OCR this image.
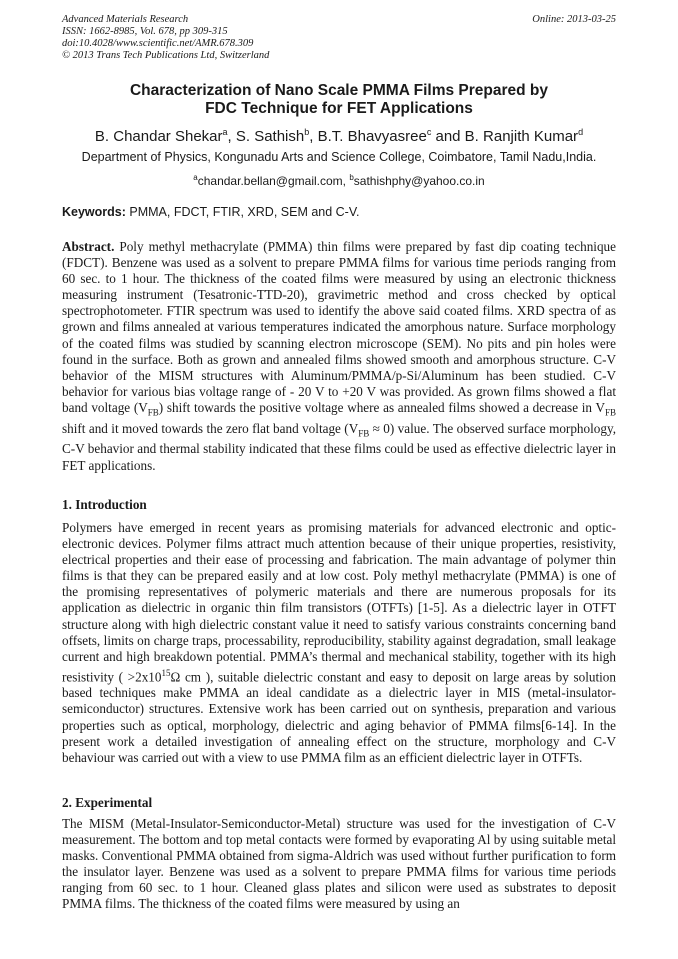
Advanced Materials Research
ISSN: 1662-8985, Vol. 678, pp 309-315
doi:10.4028/www.scientific.net/AMR.678.309
© 2013 Trans Tech Publications Ltd, Switzerland
Online: 2013-03-25
Characterization of Nano Scale PMMA Films Prepared by
FDC Technique for FET Applications
B. Chandar Shekar$^a$, S. Sathish$^b$, B.T. Bhavyasree$^c$ and B. Ranjith Kumar$^d$
Department of Physics, Kongunadu Arts and Science College, Coimbatore, Tamil Nadu,India.
$^a$chandar.bellan@gmail.com, $^b$sathishphy@yahoo.co.in
Keywords: PMMA, FDCT, FTIR, XRD, SEM and C-V.
Abstract. Poly methyl methacrylate (PMMA) thin films were prepared by fast dip coating technique (FDCT). Benzene was used as a solvent to prepare PMMA films for various time periods ranging from 60 sec. to 1 hour. The thickness of the coated films were measured by using an electronic thickness measuring instrument (Tesatronic-TTD-20), gravimetric method and cross checked by optical spectrophotometer. FTIR spectrum was used to identify the above said coated films. XRD spectra of as grown and films annealed at various temperatures indicated the amorphous nature. Surface morphology of the coated films was studied by scanning electron microscope (SEM). No pits and pin holes were found in the surface. Both as grown and annealed films showed smooth and amorphous structure. C-V behavior of the MISM structures with Aluminum/PMMA/p-Si/Aluminum has been studied. C-V behavior for various bias voltage range of - 20 V to +20 V was provided. As grown films showed a flat band voltage $(V_{FB})$ shift towards the positive voltage where as annealed films showed a decrease in $V_{FB}$ shift and it moved towards the zero flat band voltage $(V_{FB} \approx 0)$ value. The observed surface morphology, C-V behavior and thermal stability indicated that these films could be used as effective dielectric layer in FET applications.
1. Introduction
Polymers have emerged in recent years as promising materials for advanced electronic and optic-electronic devices. Polymer films attract much attention because of their unique properties, resistivity, electrical properties and their ease of processing and fabrication. The main advantage of polymer thin films is that they can be prepared easily and at low cost. Poly methyl methacrylate (PMMA) is one of the promising representatives of polymeric materials and there are numerous proposals for its application as dielectric in organic thin film transistors (OTFTs) [1-5]. As a dielectric layer in OTFT structure along with high dielectric constant value it need to satisfy various constraints concerning band offsets, limits on charge traps, processability, reproducibility, stability against degradation, small leakage current and high breakdown potential. PMMA’s thermal and mechanical stability, together with its high resistivity ( $>2x10^{15}\Omega$ cm ), suitable dielectric constant and easy to deposit on large areas by solution based techniques make PMMA an ideal candidate as a dielectric layer in MIS (metal-insulator-semiconductor) structures. Extensive work has been carried out on synthesis, preparation and various properties such as optical, morphology, dielectric and aging behavior of PMMA films[6-14]. In the present work a detailed investigation of annealing effect on the structure, morphology and C-V behaviour was carried out with a view to use PMMA film as an efficient dielectric layer in OTFTs.
2. Experimental
The MISM (Metal-Insulator-Semiconductor-Metal) structure was used for the investigation of C-V measurement. The bottom and top metal contacts were formed by evaporating Al by using suitable metal masks. Conventional PMMA obtained from sigma-Aldrich was used without further purification to form the insulator layer. Benzene was used as a solvent to prepare PMMA films for various time periods ranging from 60 sec. to 1 hour. Cleaned glass plates and silicon were used as substrates to deposit PMMA films. The thickness of the coated films were measured by using an
